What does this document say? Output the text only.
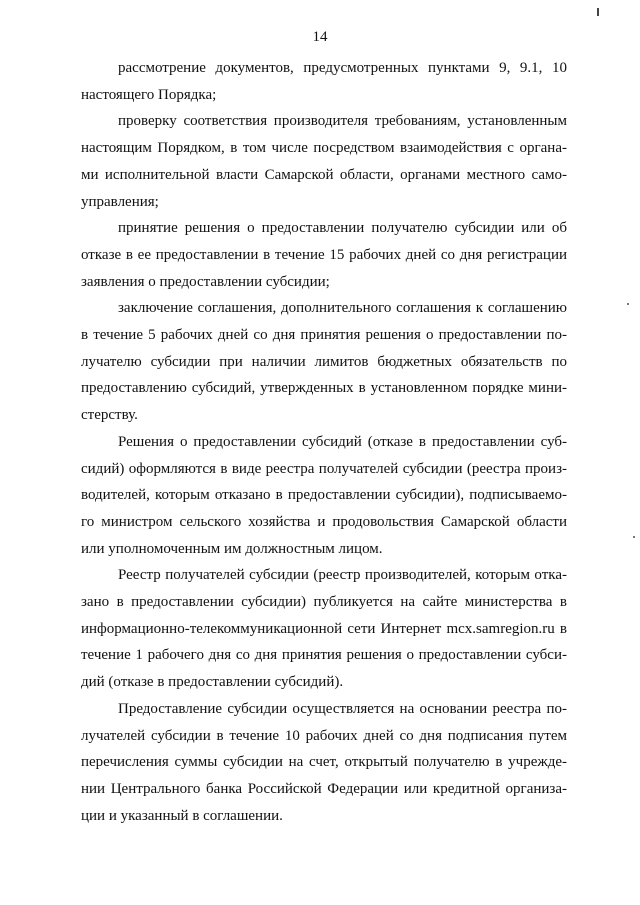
14
рассмотрение документов, предусмотренных пунктами 9, 9.1, 10
настоящего Порядка;
проверку соответствия производителя требованиям, установленным
настоящим Порядком, в том числе посредством взаимодействия с органа-
ми исполнительной власти Самарской области, органами местного само-
управления;
принятие решения о предоставлении получателю субсидии или об
отказе в ее предоставлении в течение 15 рабочих дней со дня регистрации
заявления о предоставлении субсидии;
заключение соглашения, дополнительного соглашения к соглашению
в течение 5 рабочих дней со дня принятия решения о предоставлении по-
лучателю субсидии при наличии лимитов бюджетных обязательств по
предоставлению субсидий, утвержденных в установленном порядке мини-
стерству.
Решения о предоставлении субсидий (отказе в предоставлении суб-
сидий) оформляются в виде реестра получателей субсидии (реестра произ-
водителей, которым отказано в предоставлении субсидии), подписываемо-
го министром сельского хозяйства и продовольствия Самарской области
или уполномоченным им должностным лицом.
Реестр получателей субсидии (реестр производителей, которым отка-
зано в предоставлении субсидии) публикуется на сайте министерства в
информационно-телекоммуникационной сети Интернет mcx.samregion.ru в
течение 1 рабочего дня со дня принятия решения о предоставлении субси-
дий (отказе в предоставлении субсидий).
Предоставление субсидии осуществляется на основании реестра по-
лучателей субсидии в течение 10 рабочих дней со дня подписания путем
перечисления суммы субсидии на счет, открытый получателю в учрежде-
нии Центрального банка Российской Федерации или кредитной организа-
ции и указанный в соглашении.
